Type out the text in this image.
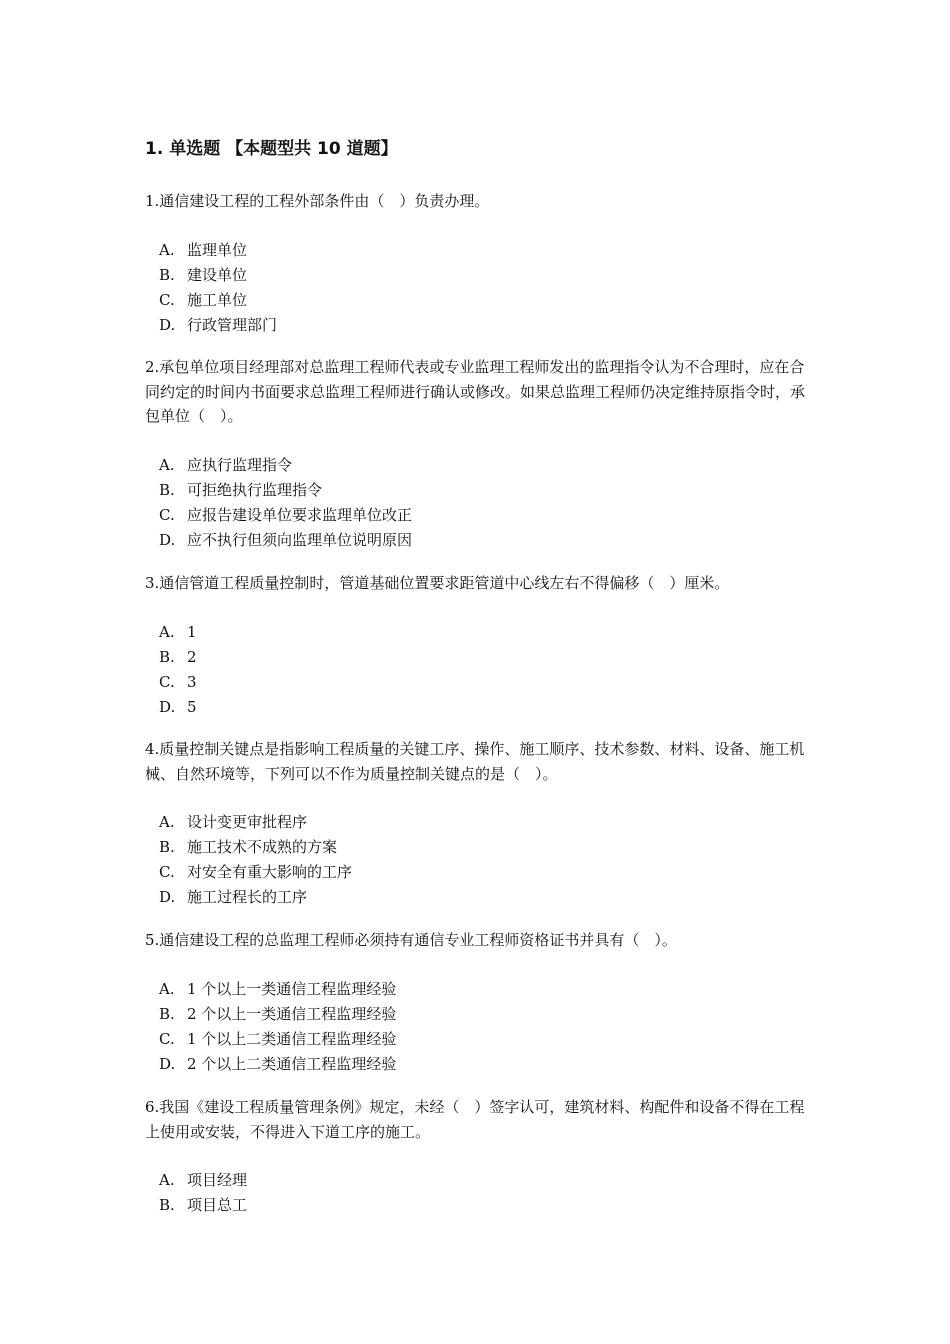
1. 单选题 【本题型共 10 道题】
1.通信建设工程的工程外部条件由（　）负责办理。
A. 监理单位
B. 建设单位
C. 施工单位
D. 行政管理部门
2.承包单位项目经理部对总监理工程师代表或专业监理工程师发出的监理指令认为不合理时，应在合同约定的时间内书面要求总监理工程师进行确认或修改。如果总监理工程师仍决定维持原指令时，承包单位（　）。
A. 应执行监理指令
B. 可拒绝执行监理指令
C. 应报告建设单位要求监理单位改正
D. 应不执行但须向监理单位说明原因
3.通信管道工程质量控制时，管道基础位置要求距管道中心线左右不得偏移（　）厘米。
A. 1
B. 2
C. 3
D. 5
4.质量控制关键点是指影响工程质量的关键工序、操作、施工顺序、技术参数、材料、设备、施工机械、自然环境等，下列可以不作为质量控制关键点的是（　）。
A. 设计变更审批程序
B. 施工技术不成熟的方案
C. 对安全有重大影响的工序
D. 施工过程长的工序
5.通信建设工程的总监理工程师必须持有通信专业工程师资格证书并具有（　）。
A. 1 个以上一类通信工程监理经验
B. 2 个以上一类通信工程监理经验
C. 1 个以上二类通信工程监理经验
D. 2 个以上二类通信工程监理经验
6.我国《建设工程质量管理条例》规定，未经（　）签字认可，建筑材料、构配件和设备不得在工程上使用或安装，不得进入下道工序的施工。
A. 项目经理
B. 项目总工
